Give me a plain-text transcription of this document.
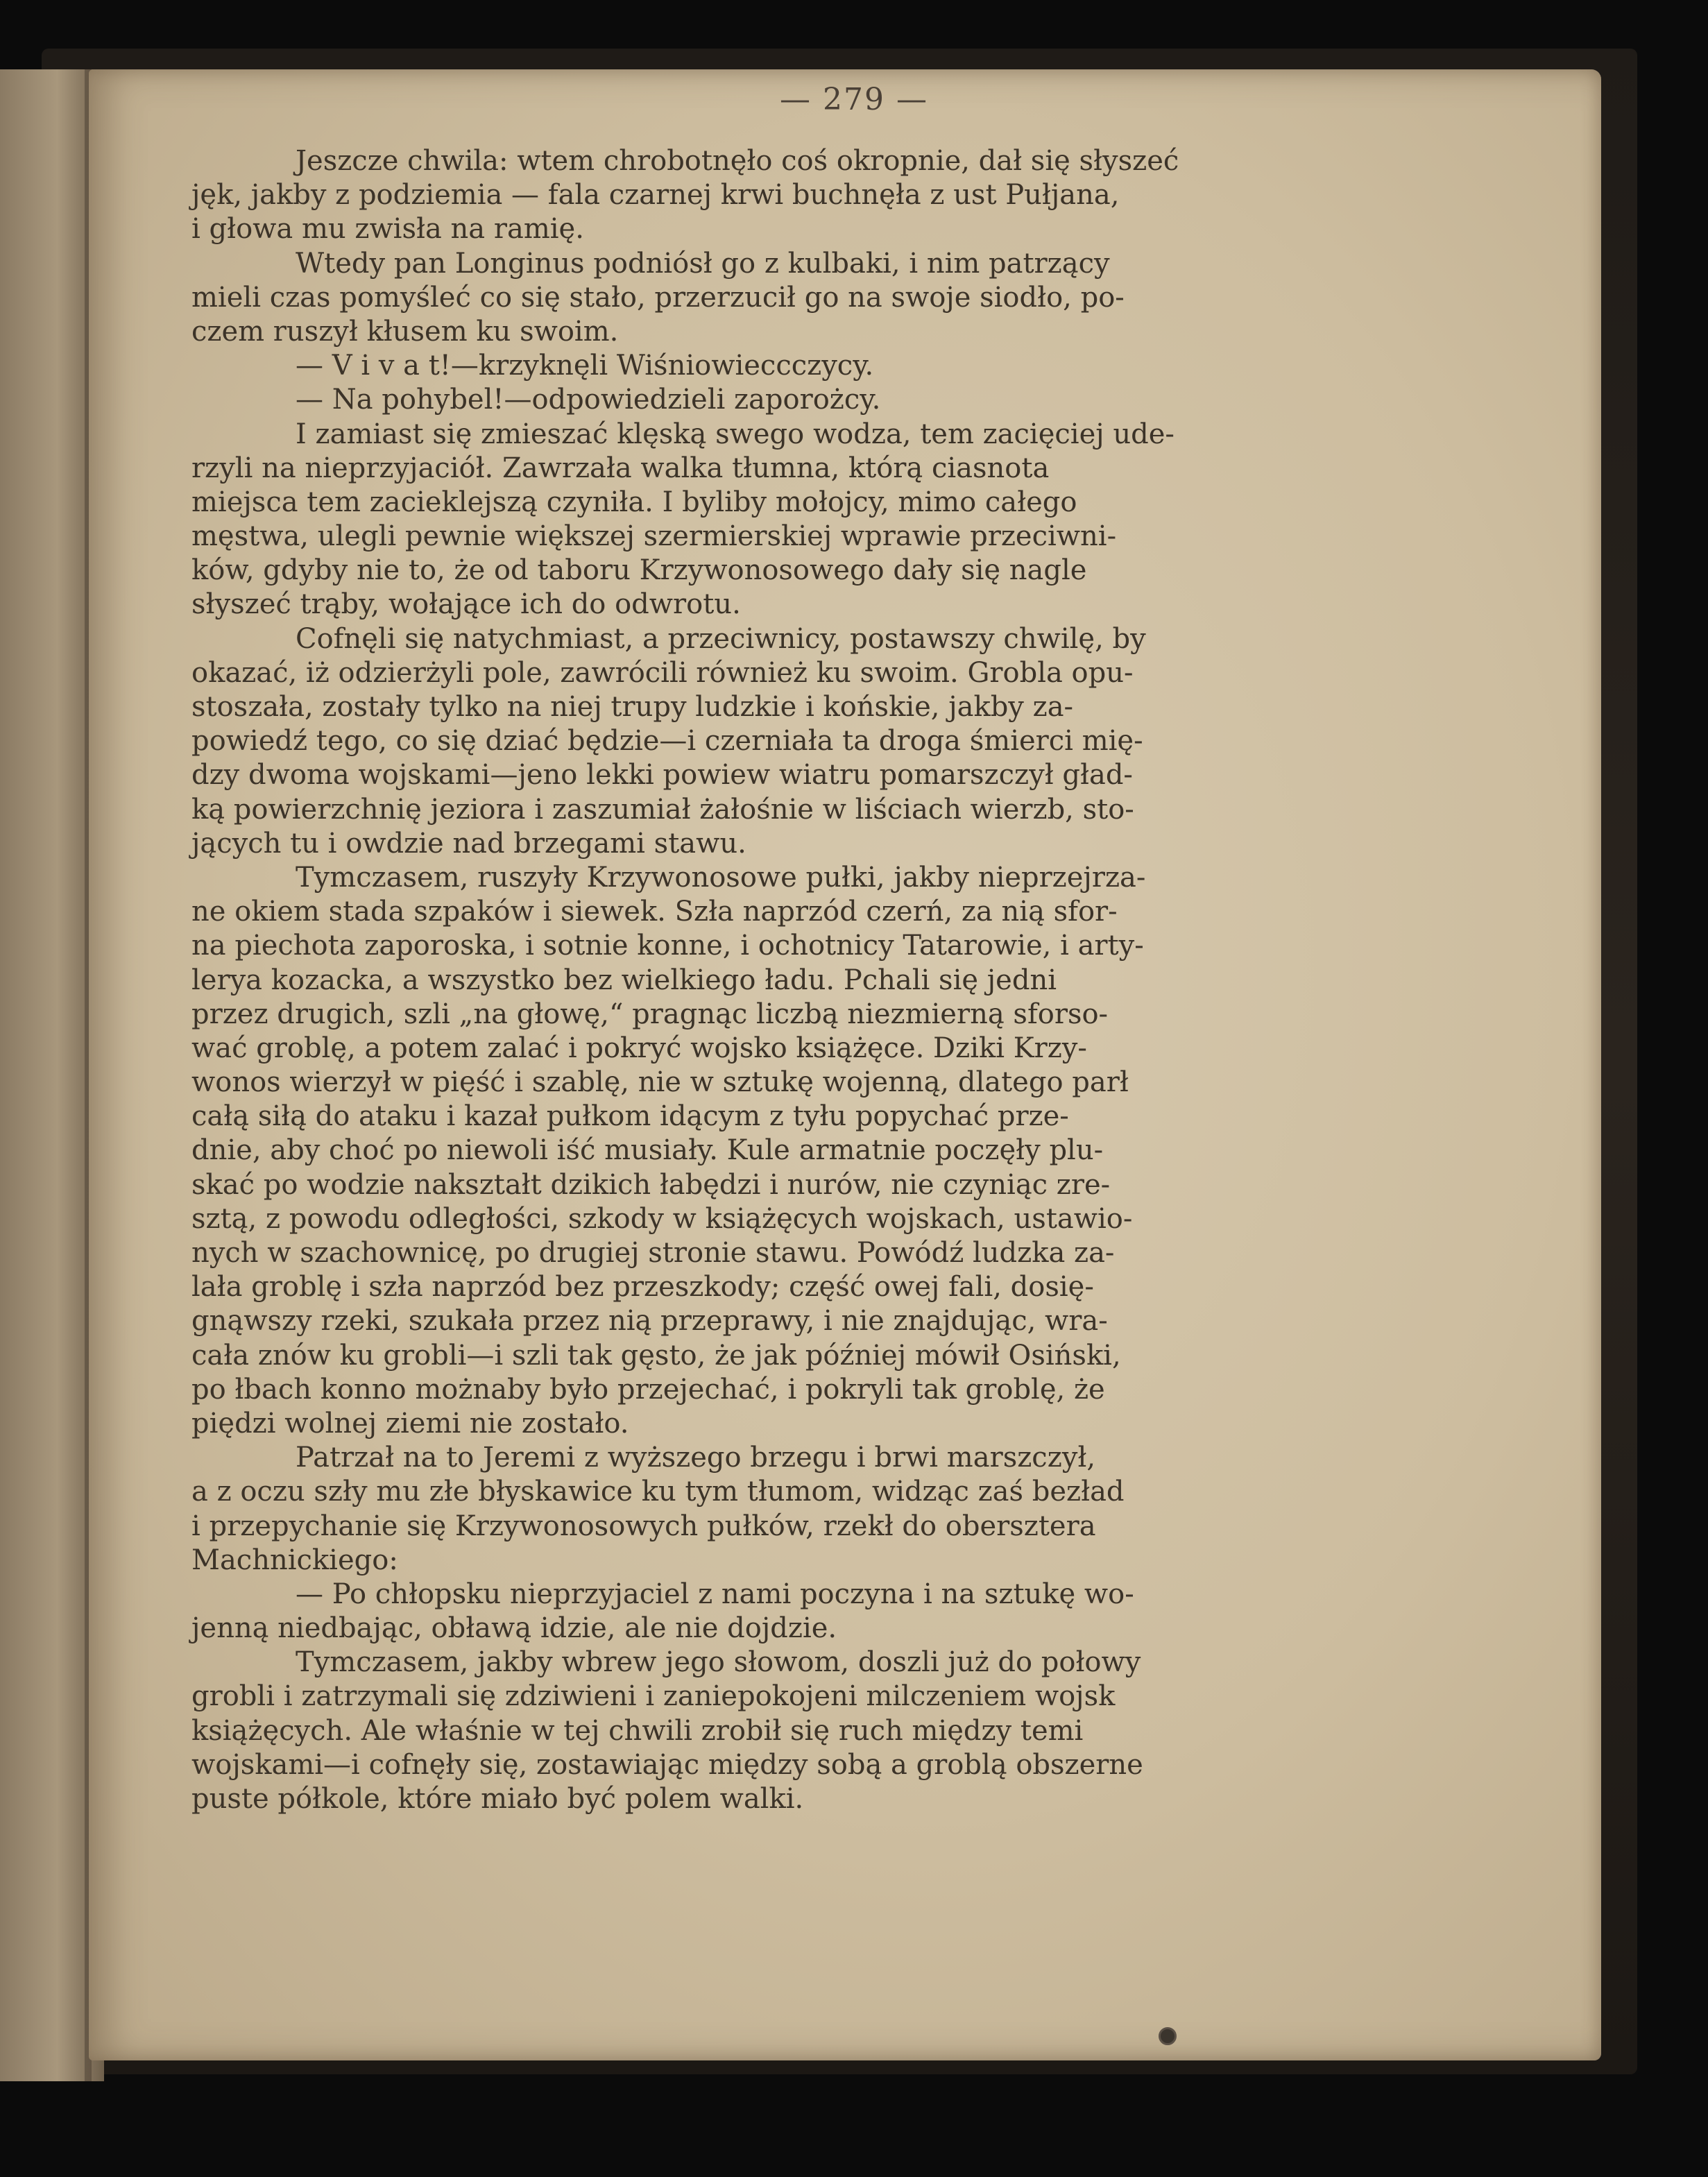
— 279 —
Jeszcze chwila: wtem chrobotnęło coś okropnie, dał się słyszeć
jęk, jakby z podziemia — fala czarnej krwi buchnęła z ust Pułjana,
i głowa mu zwisła na ramię.
Wtedy pan Longinus podniósł go z kulbaki, i nim patrzący
mieli czas pomyśleć co się stało, przerzucił go na swoje siodło, po-
czem ruszył kłusem ku swoim.
— V i v a t!—krzyknęli Wiśniowieccczycy.
— Na pohybel!—odpowiedzieli zaporożcy.
I zamiast się zmieszać klęską swego wodza, tem zacięciej ude-
rzyli na nieprzyjaciół. Zawrzała walka tłumna, którą ciasnota
miejsca tem zacieklejszą czyniła. I byliby mołojcy, mimo całego
męstwa, ulegli pewnie większej szermierskiej wprawie przeciwni-
ków, gdyby nie to, że od taboru Krzywonosowego dały się nagle
słyszeć trąby, wołające ich do odwrotu.
Cofnęli się natychmiast, a przeciwnicy, postawszy chwilę, by
okazać, iż odzierżyli pole, zawrócili również ku swoim. Grobla opu-
stoszała, zostały tylko na niej trupy ludzkie i końskie, jakby za-
powiedź tego, co się dziać będzie—i czerniała ta droga śmierci mię-
dzy dwoma wojskami—jeno lekki powiew wiatru pomarszczył gład-
ką powierzchnię jeziora i zaszumiał żałośnie w liściach wierzb, sto-
jących tu i owdzie nad brzegami stawu.
Tymczasem, ruszyły Krzywonosowe pułki, jakby nieprzejrza-
ne okiem stada szpaków i siewek. Szła naprzód czerń, za nią sfor-
na piechota zaporoska, i sotnie konne, i ochotnicy Tatarowie, i arty-
lerya kozacka, a wszystko bez wielkiego ładu. Pchali się jedni
przez drugich, szli „na głowę,“ pragnąc liczbą niezmierną sforso-
wać groblę, a potem zalać i pokryć wojsko książęce. Dziki Krzy-
wonos wierzył w pięść i szablę, nie w sztukę wojenną, dlatego parł
całą siłą do ataku i kazał pułkom idącym z tyłu popychać prze-
dnie, aby choć po niewoli iść musiały. Kule armatnie poczęły plu-
skać po wodzie nakształt dzikich łabędzi i nurów, nie czyniąc zre-
sztą, z powodu odległości, szkody w książęcych wojskach, ustawio-
nych w szachownicę, po drugiej stronie stawu. Powódź ludzka za-
lała groblę i szła naprzód bez przeszkody; część owej fali, dosię-
gnąwszy rzeki, szukała przez nią przeprawy, i nie znajdując, wra-
cała znów ku grobli—i szli tak gęsto, że jak później mówił Osiński,
po łbach konno możnaby było przejechać, i pokryli tak groblę, że
piędzi wolnej ziemi nie zostało.
Patrzał na to Jeremi z wyższego brzegu i brwi marszczył,
a z oczu szły mu złe błyskawice ku tym tłumom, widząc zaś bezład
i przepychanie się Krzywonosowych pułków, rzekł do obersztera
Machnickiego:
— Po chłopsku nieprzyjaciel z nami poczyna i na sztukę wo-
jenną niedbając, obławą idzie, ale nie dojdzie.
Tymczasem, jakby wbrew jego słowom, doszli już do połowy
grobli i zatrzymali się zdziwieni i zaniepokojeni milczeniem wojsk
książęcych. Ale właśnie w tej chwili zrobił się ruch między temi
wojskami—i cofnęły się, zostawiając między sobą a groblą obszerne
puste półkole, które miało być polem walki.
